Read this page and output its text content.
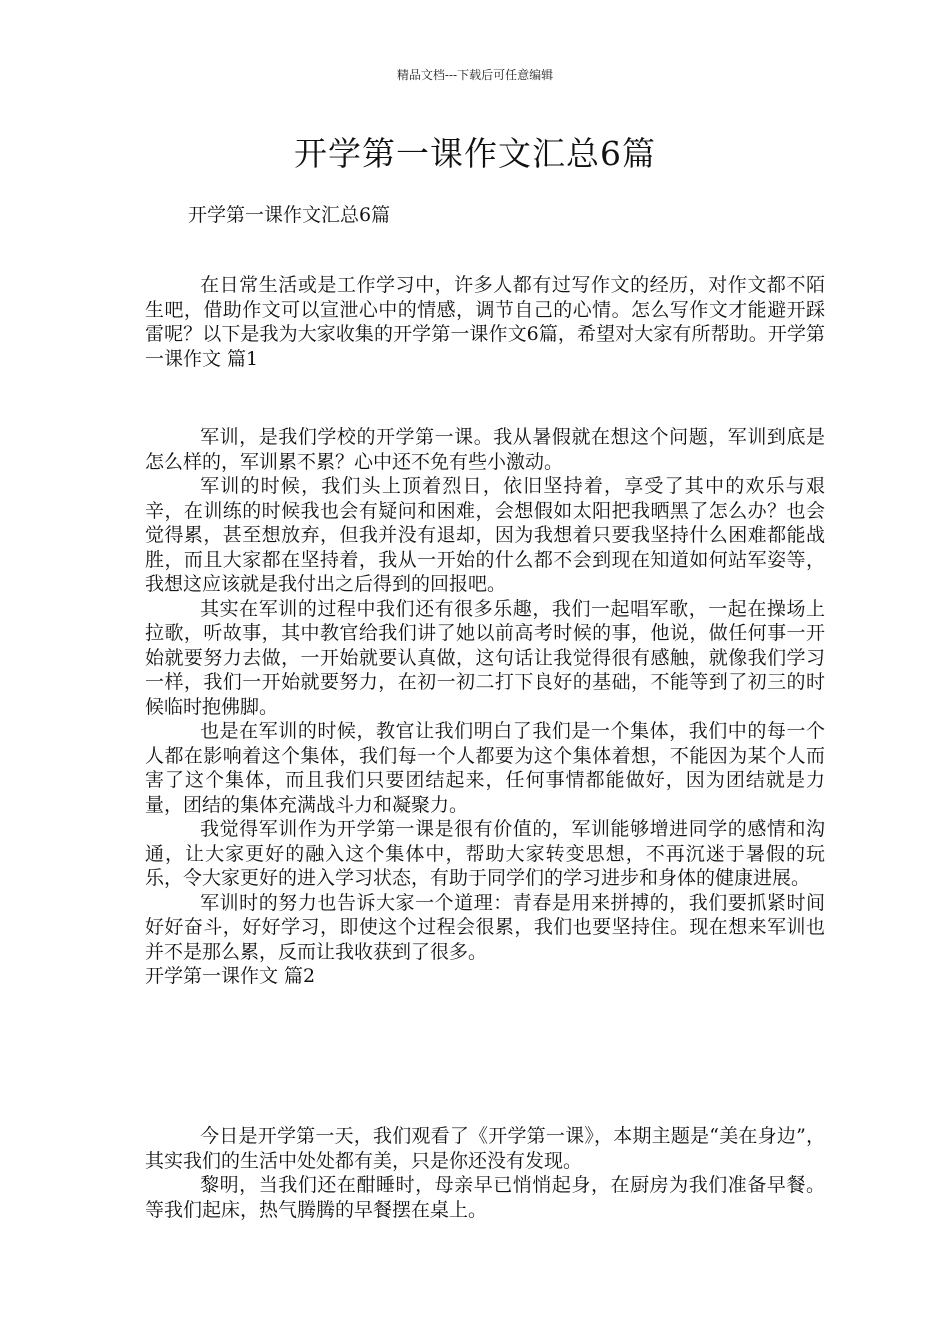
精品文档---下载后可任意编辑
开学第一课作文汇总6篇
开学第一课作文汇总6篇

在日常生活或是工作学习中，许多人都有过写作文的经历，对作文都不陌生吧，借助作文可以宣泄心中的情感，调节自己的心情。怎么写作文才能避开踩雷呢？以下是我为大家收集的开学第一课作文6篇，希望对大家有所帮助。开学第一课作文 篇1

军训，是我们学校的开学第一课。我从暑假就在想这个问题，军训到底是怎么样的，军训累不累？心中还不免有些小激动。

军训的时候，我们头上顶着烈日，依旧坚持着，享受了其中的欢乐与艰辛，在训练的时候我也会有疑问和困难，会想假如太阳把我晒黑了怎么办？也会觉得累，甚至想放弃，但我并没有退却，因为我想着只要我坚持什么困难都能战胜，而且大家都在坚持着，我从一开始的什么都不会到现在知道如何站军姿等，我想这应该就是我付出之后得到的回报吧。

其实在军训的过程中我们还有很多乐趣，我们一起唱军歌，一起在操场上拉歌，听故事，其中教官给我们讲了她以前高考时候的事，他说，做任何事一开始就要努力去做，一开始就要认真做，这句话让我觉得很有感触，就像我们学习一样，我们一开始就要努力，在初一初二打下良好的基础，不能等到了初三的时候临时抱佛脚。

也是在军训的时候，教官让我们明白了我们是一个集体，我们中的每一个人都在影响着这个集体，我们每一个人都要为这个集体着想，不能因为某个人而害了这个集体，而且我们只要团结起来，任何事情都能做好，因为团结就是力量，团结的集体充满战斗力和凝聚力。

我觉得军训作为开学第一课是很有价值的，军训能够增进同学的感情和沟通，让大家更好的融入这个集体中，帮助大家转变思想，不再沉迷于暑假的玩乐，令大家更好的进入学习状态，有助于同学们的学习进步和身体的健康进展。

军训时的努力也告诉大家一个道理：青春是用来拼搏的，我们要抓紧时间好好奋斗，好好学习，即使这个过程会很累，我们也要坚持住。现在想来军训也并不是那么累，反而让我收获到了很多。

开学第一课作文 篇2

今日是开学第一天，我们观看了《开学第一课》，本期主题是“美在身边”，其实我们的生活中处处都有美，只是你还没有发现。

黎明，当我们还在酣睡时，母亲早已悄悄起身，在厨房为我们准备早餐。等我们起床，热气腾腾的早餐摆在桌上。
